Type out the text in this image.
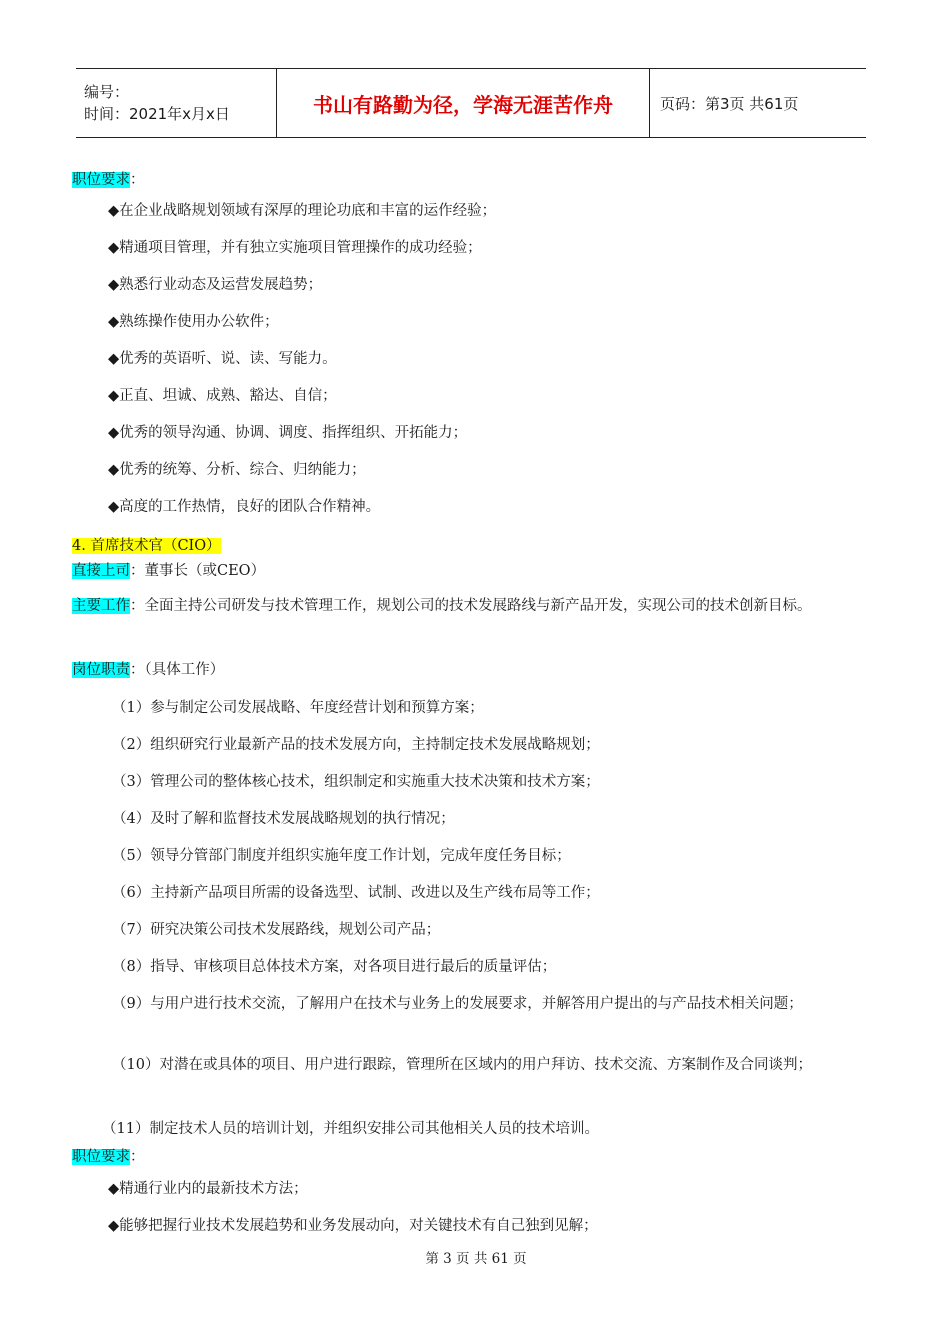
编号：
时间：2021年x月x日	书山有路勤为径，学海无涯苦作舟	页码：第3页 共61页
职位要求：
◆在企业战略规划领域有深厚的理论功底和丰富的运作经验；
◆精通项目管理，并有独立实施项目管理操作的成功经验；
◆熟悉行业动态及运营发展趋势；
◆熟练操作使用办公软件；
◆优秀的英语听、说、读、写能力。
◆正直、坦诚、成熟、豁达、自信；
◆优秀的领导沟通、协调、调度、指挥组织、开拓能力；
◆优秀的统筹、分析、综合、归纳能力；
◆高度的工作热情，良好的团队合作精神。
4. 首席技术官（CIO）
直接上司：董事长（或CEO）
主要工作：全面主持公司研发与技术管理工作，规划公司的技术发展路线与新产品开发，实现公司的技术创新目标。
岗位职责：（具体工作）
（1）参与制定公司发展战略、年度经营计划和预算方案；
（2）组织研究行业最新产品的技术发展方向，主持制定技术发展战略规划；
（3）管理公司的整体核心技术，组织制定和实施重大技术决策和技术方案；
（4）及时了解和监督技术发展战略规划的执行情况；
（5）领导分管部门制度并组织实施年度工作计划，完成年度任务目标；
（6）主持新产品项目所需的设备选型、试制、改进以及生产线布局等工作；
（7）研究决策公司技术发展路线，规划公司产品；
（8）指导、审核项目总体技术方案，对各项目进行最后的质量评估；
（9）与用户进行技术交流，了解用户在技术与业务上的发展要求，并解答用户提出的与产品技术相关问题；
（10）对潜在或具体的项目、用户进行跟踪，管理所在区域内的用户拜访、技术交流、方案制作及合同谈判；
（11）制定技术人员的培训计划，并组织安排公司其他相关人员的技术培训。
职位要求：
◆精通行业内的最新技术方法；
◆能够把握行业技术发展趋势和业务发展动向，对关键技术有自己独到见解；
第 3 页 共 61 页
